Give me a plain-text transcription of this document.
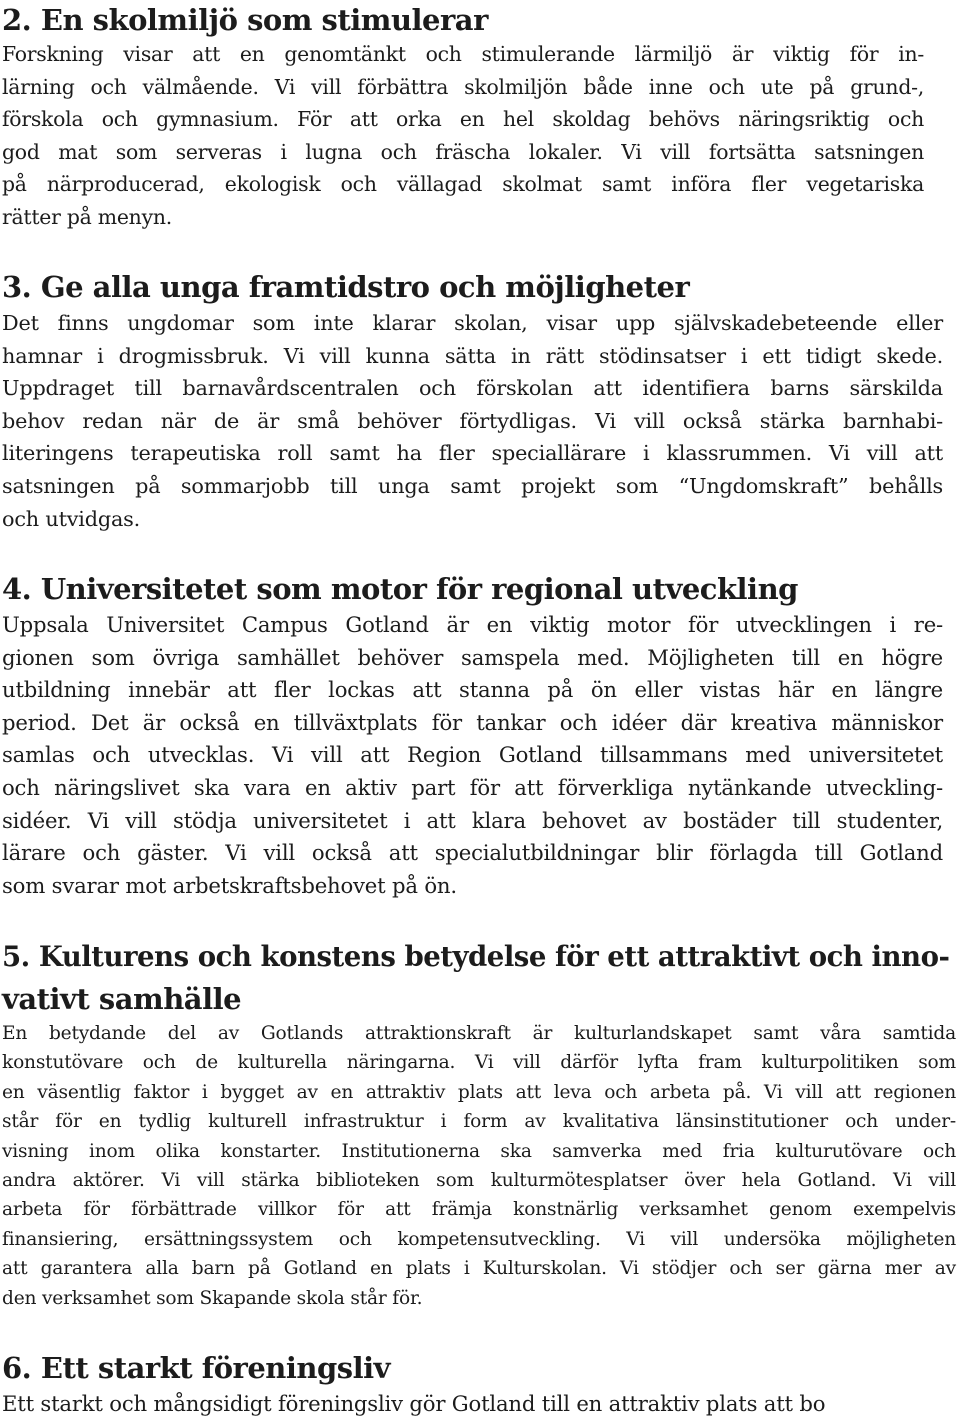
2. En skolmiljö som stimulerar
Forskning visar att en genomtänkt och stimulerande lärmiljö är viktig för in-
lärning och välmående. Vi vill förbättra skolmiljön både inne och ute på grund-,
förskola och gymnasium. För att orka en hel skoldag behövs näringsriktig och
god mat som serveras i lugna och fräscha lokaler. Vi vill fortsätta satsningen
på närproducerad, ekologisk och vällagad skolmat samt införa fler vegetariska
rätter på menyn.
3. Ge alla unga framtidstro och möjligheter
Det finns ungdomar som inte klarar skolan, visar upp självskadebeteende eller
hamnar i drogmissbruk. Vi vill kunna sätta in rätt stödinsatser i ett tidigt skede.
Uppdraget till barnavårdscentralen och förskolan att identifiera barns särskilda
behov redan när de är små behöver förtydligas. Vi vill också stärka barnhabi-
literingens terapeutiska roll samt ha fler speciallärare i klassrummen. Vi vill att
satsningen på sommarjobb till unga samt projekt som “Ungdomskraft” behålls
och utvidgas.
4. Universitetet som motor för regional utveckling
Uppsala Universitet Campus Gotland är en viktig motor för utvecklingen i re-
gionen som övriga samhället behöver samspela med. Möjligheten till en högre
utbildning innebär att fler lockas att stanna på ön eller vistas här en längre
period. Det är också en tillväxtplats för tankar och idéer där kreativa människor
samlas och utvecklas. Vi vill att Region Gotland tillsammans med universitetet
och näringslivet ska vara en aktiv part för att förverkliga nytänkande utveckling-
sidéer. Vi vill stödja universitetet i att klara behovet av bostäder till studenter,
lärare och gäster. Vi vill också att specialutbildningar blir förlagda till Gotland
som svarar mot arbetskraftsbehovet på ön.
5. Kulturens och konstens betydelse för ett attraktivt och inno-
vativt samhälle
En betydande del av Gotlands attraktionskraft är kulturlandskapet samt våra samtida
konstutövare och de kulturella näringarna. Vi vill därför lyfta fram kulturpolitiken som
en väsentlig faktor i bygget av en attraktiv plats att leva och arbeta på. Vi vill att regionen
står för en tydlig kulturell infrastruktur i form av kvalitativa länsinstitutioner och under-
visning inom olika konstarter. Institutionerna ska samverka med fria kulturutövare och
andra aktörer. Vi vill stärka biblioteken som kulturmötesplatser över hela Gotland. Vi vill
arbeta för förbättrade villkor för att främja konstnärlig verksamhet genom exempelvis
finansiering, ersättningssystem och kompetensutveckling. Vi vill undersöka möjligheten
att garantera alla barn på Gotland en plats i Kulturskolan. Vi stödjer och ser gärna mer av
den verksamhet som Skapande skola står för.
6. Ett starkt föreningsliv
Ett starkt och mångsidigt föreningsliv gör Gotland till en attraktiv plats att bo
